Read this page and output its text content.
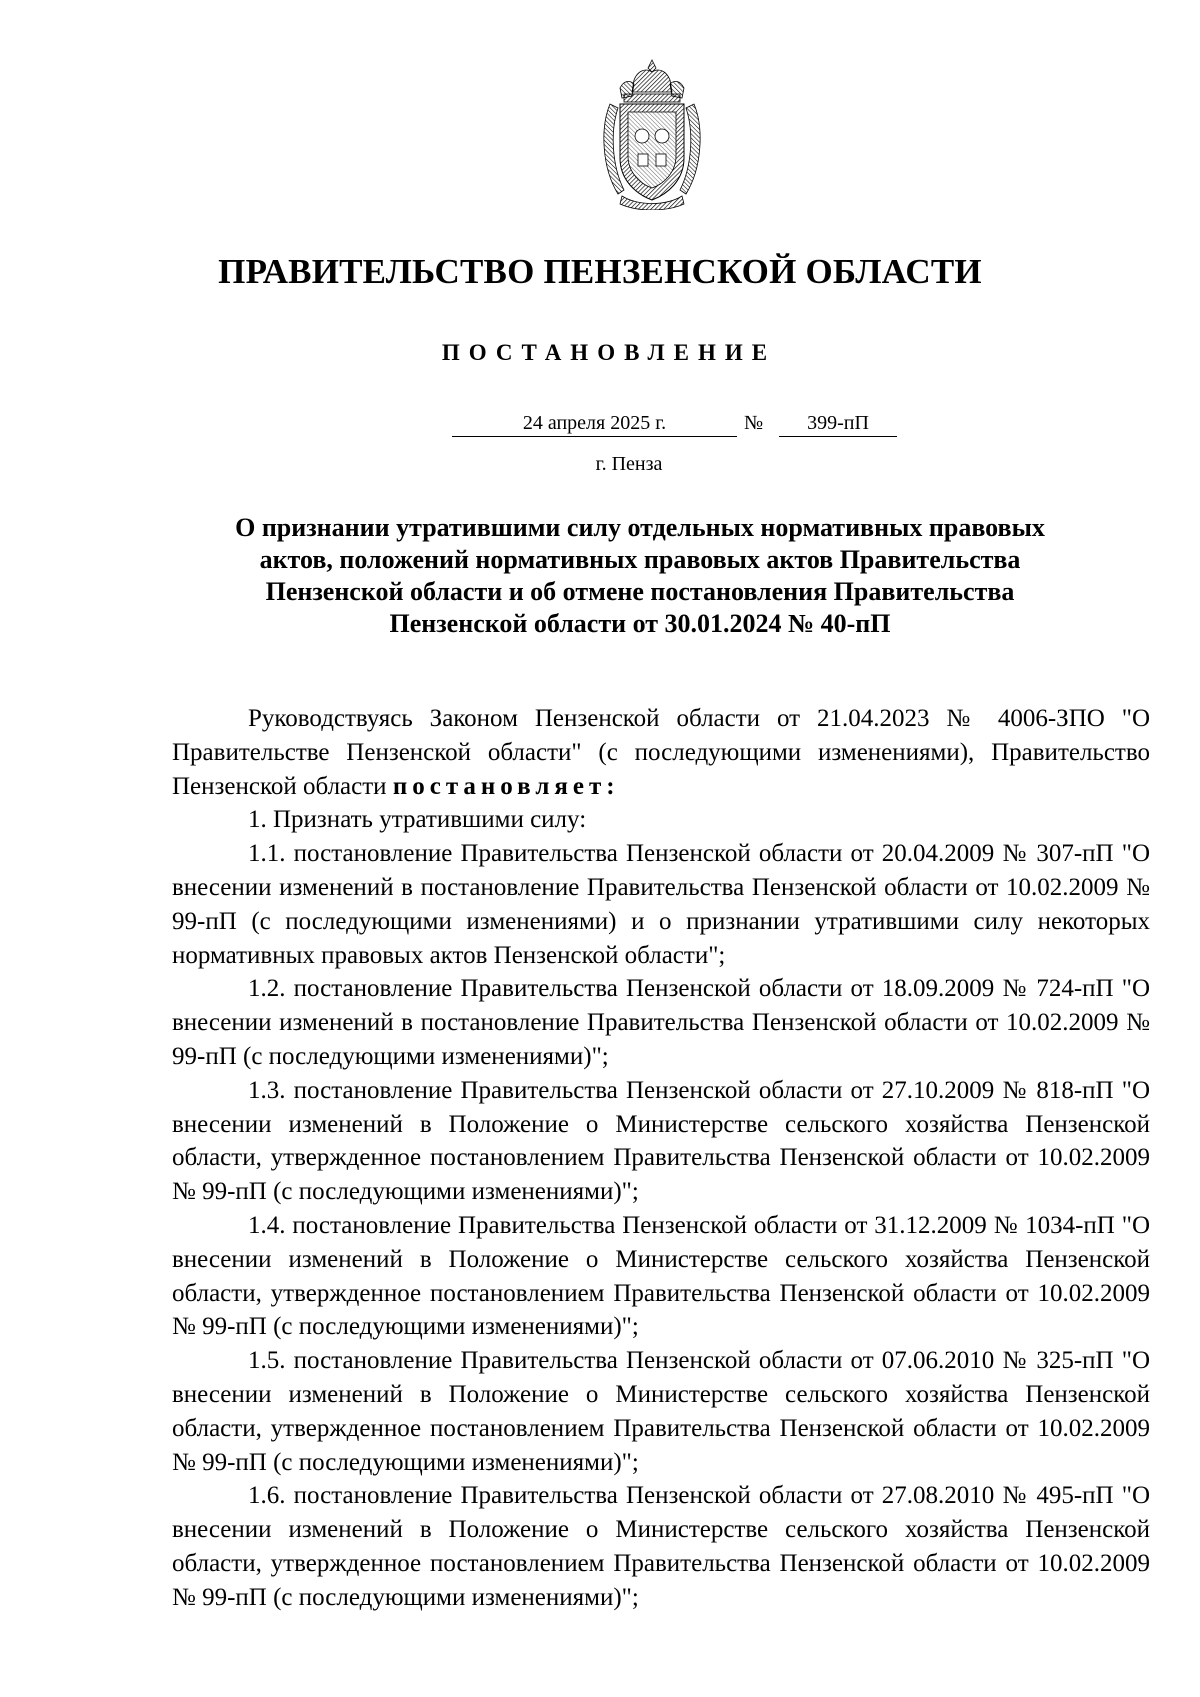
ПРАВИТЕЛЬСТВО ПЕНЗЕНСКОЙ ОБЛАСТИ
ПОСТАНОВЛЕНИЕ
24 апреля 2025 г.	№	399-пП
г. Пенза

О признании утратившими силу отдельных нормативных правовых актов, положений нормативных правовых актов Правительства Пензенской области и об отмене постановления Правительства Пензенской области от 30.01.2024 № 40-пП

Руководствуясь Законом Пензенской области от 21.04.2023 № 4006-ЗПО "О Правительстве Пензенской области" (с последующими изменениями), Правительство Пензенской области постановляет:

1. Признать утратившими силу:

1.1. постановление Правительства Пензенской области от 20.04.2009 № 307-пП "О внесении изменений в постановление Правительства Пензенской области от 10.02.2009 № 99-пП (с последующими изменениями) и о признании утратившими силу некоторых нормативных правовых актов Пензенской области";

1.2. постановление Правительства Пензенской области от 18.09.2009 № 724-пП "О внесении изменений в постановление Правительства Пензенской области от 10.02.2009 № 99-пП (с последующими изменениями)";

1.3. постановление Правительства Пензенской области от 27.10.2009 № 818-пП "О внесении изменений в Положение о Министерстве сельского хозяйства Пензенской области, утвержденное постановлением Правительства Пензенской области от 10.02.2009 № 99-пП (с последующими изменениями)";

1.4. постановление Правительства Пензенской области от 31.12.2009 № 1034-пП "О внесении изменений в Положение о Министерстве сельского хозяйства Пензенской области, утвержденное постановлением Правительства Пензенской области от 10.02.2009 № 99-пП (с последующими изменениями)";

1.5. постановление Правительства Пензенской области от 07.06.2010 № 325-пП "О внесении изменений в Положение о Министерстве сельского хозяйства Пензенской области, утвержденное постановлением Правительства Пензенской области от 10.02.2009 № 99-пП (с последующими изменениями)";

1.6. постановление Правительства Пензенской области от 27.08.2010 № 495-пП "О внесении изменений в Положение о Министерстве сельского хозяйства Пензенской области, утвержденное постановлением Правительства Пензенской области от 10.02.2009 № 99-пП (с последующими изменениями)";
